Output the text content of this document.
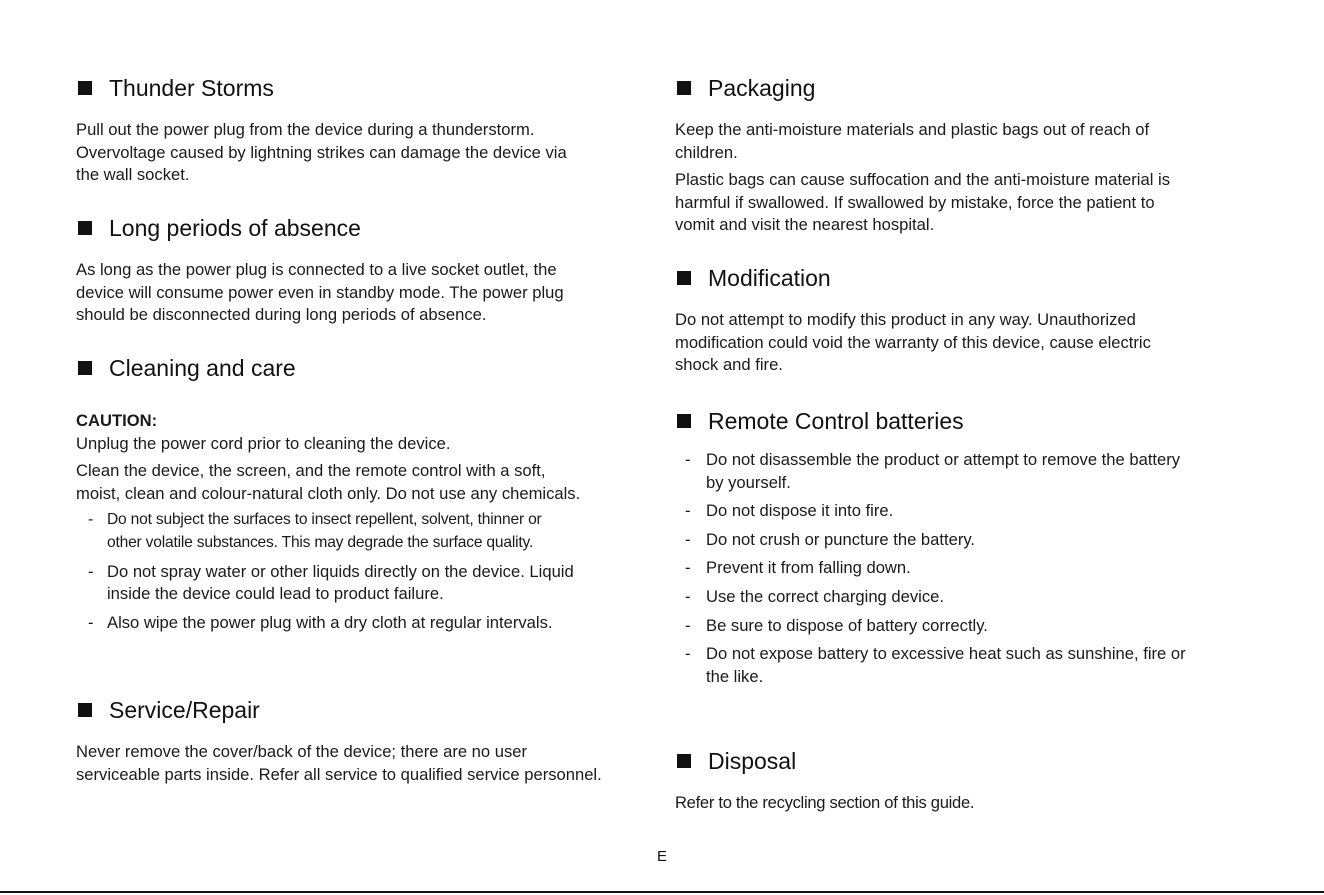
Thunder Storms

Pull out the power plug from the device during a thunderstorm.
Overvoltage caused by lightning strikes can damage the device via
the wall socket.

Long periods of absence

As long as the power plug is connected to a live socket outlet, the
device will consume power even in standby mode. The power plug
should be disconnected during long periods of absence.

Cleaning and care

CAUTION:

Unplug the power cord prior to cleaning the device.

Clean the device, the screen, and the remote control with a soft,
moist, clean and colour-natural cloth only. Do not use any chemicals.

- Do not subject the surfaces to insect repellent, solvent, thinner or
other volatile substances. This may degrade the surface quality.
- Do not spray water or other liquids directly on the device. Liquid
inside the device could lead to product failure.
- Also wipe the power plug with a dry cloth at regular intervals.
Service/Repair

Never remove the cover/back of the device; there are no user
serviceable parts inside. Refer all service to qualified service personnel.

Packaging

Keep the anti-moisture materials and plastic bags out of reach of
children.

Plastic bags can cause suffocation and the anti-moisture material is
harmful if swallowed. If swallowed by mistake, force the patient to
vomit and visit the nearest hospital.

Modification

Do not attempt to modify this product in any way. Unauthorized
modification could void the warranty of this device, cause electric
shock and fire.

Remote Control batteries
- Do not disassemble the product or attempt to remove the battery
by yourself.
- Do not dispose it into fire.
- Do not crush or puncture the battery.
- Prevent it from falling down.
- Use the correct charging device.
- Be sure to dispose of battery correctly.
- Do not expose battery to excessive heat such as sunshine, fire or
the like.
Disposal

Refer to the recycling section of this guide.

E
